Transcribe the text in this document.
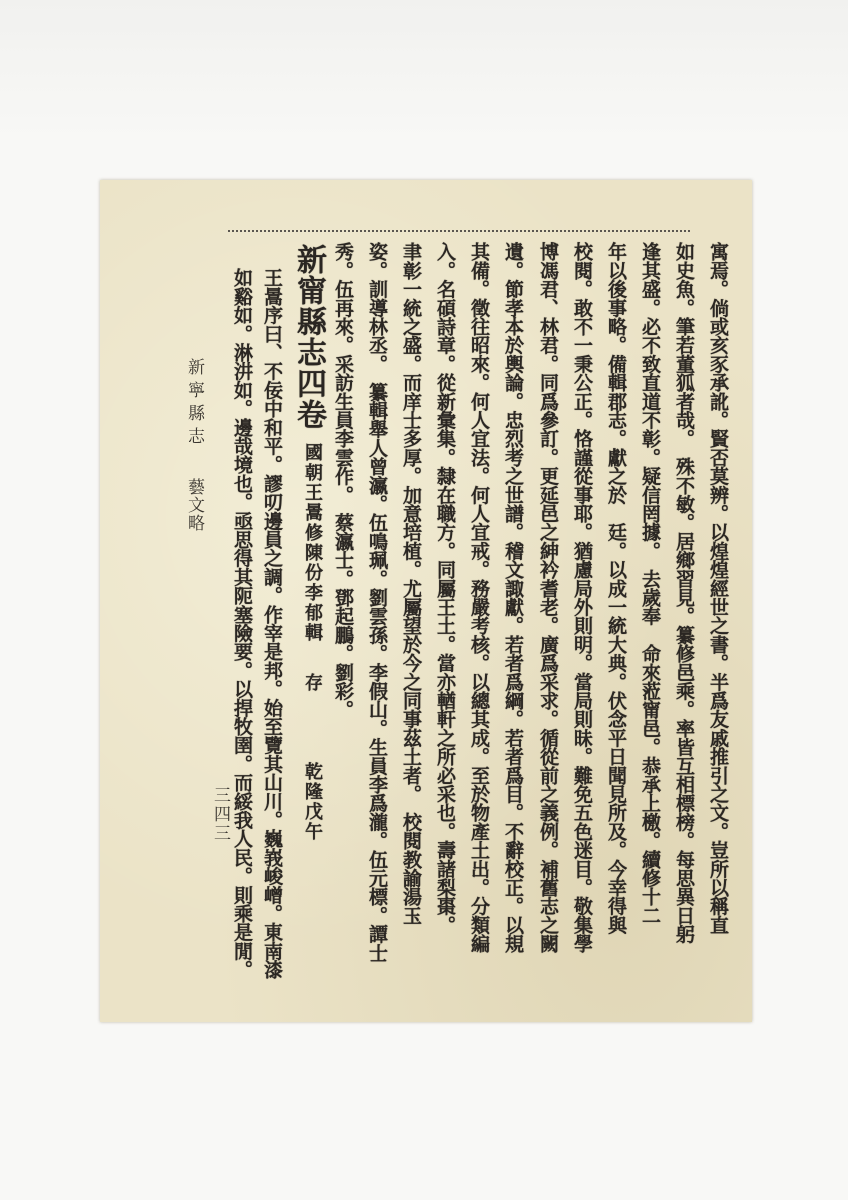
新寧縣志
藝文略
三四三	寓焉。倘或亥豕承訛。賢否莫辨。以煌煌經世之書。半爲友戚推引之文。豈所以稱直
如史魚。筆若董狐者哉。　殊不敏。居鄉習見。纂修邑乘。率皆互相標榜。每思異日躬
逢其盛。必不致直道不彰。疑信罔據。　去歲奉　命來蒞甯邑。恭承上檄。續修十二
年以後事略。備輯郡志。獻之於　廷。以成一統大典。伏念平日聞見所及。今幸得與
校閱。敢不一秉公正。恪謹從事耶。猶慮局外則明。當局則昧。難免五色迷目。敬集學
博馮君、林君。同爲參訂。更延邑之紳衿耆老。廣爲采求。循從前之義例。補舊志之闕
遺。節孝本於輿論。忠烈考之世譜。稽文諏獻。若者爲綱。若者爲目。不辭校正。以規
其備。徵往昭來。何人宜法。何人宜戒。務嚴考核。以總其成。至於物產土出。分類編
入。名碩詩章。從新彙集。隸在職方。同屬王土。當亦輶軒之所必采也。壽諸梨棗。
聿彰一統之盛。而庠士多厚。加意培植。尤屬望於今之同事茲土者。　校閱教諭湯玉
姿。訓導林丞。　纂輯舉人曾瀛。伍鳴珮。劉雲孫。李假山。生員李爲瀧。伍元標。譚士
秀。伍再來。采訪生員李雲作。　蔡瀛士。鄧起鵬。劉彩。
新甯縣志四卷
國朝王暠修陳份李郁輯
存
乾隆戊午
王暠序曰、不佞中和平。謬叨邊員之調。作宰是邦。始至覽其山川。巍峩峻嶒。東南漆
如谿如。淋汫如。邊哉境也。亟思得其阨塞險要。以捍牧圉。而綏我人民。則乘是閒。
